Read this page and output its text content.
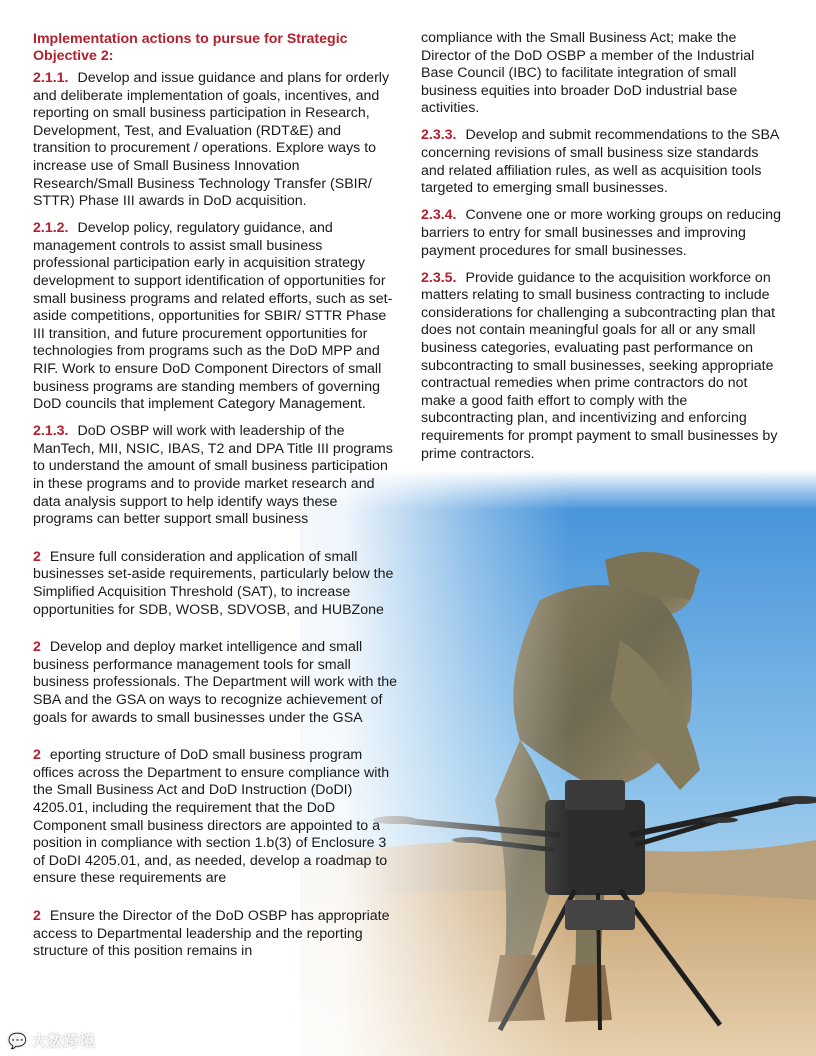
Implementation actions to pursue for Strategic Objective 2:

2.1.1. Develop and issue guidance and plans for orderly and deliberate implementation of goals, incentives, and reporting on small business participation in Research, Development, Test, and Evaluation (RDT&E) and transition to procurement / operations. Explore ways to increase use of Small Business Innovation Research/Small Business Technology Transfer (SBIR/ STTR) Phase III awards in DoD acquisition.

2.1.2. Develop policy, regulatory guidance, and management controls to assist small business professional participation early in acquisition strategy development to support identification of opportunities for small business programs and related efforts, such as set-aside competitions, opportunities for SBIR/ STTR Phase III transition, and future procurement opportunities for technologies from programs such as the DoD MPP and RIF. Work to ensure DoD Component Directors of small business programs are standing members of governing DoD councils that implement Category Management.

2.1.3. DoD OSBP will work with leadership of the ManTech, MII, NSIC, IBAS, T2 and DPA Title III programs to understand the amount of small business participation in these programs and to provide market research and data analysis support to help identify ways these programs can better support small business

2 Ensure full consideration and application of small businesses set-aside requirements, particularly below the Simplified Acquisition Threshold (SAT), to increase opportunities for SDB, WOSB, SDVOSB, and HUBZone

2 Develop and deploy market intelligence and small business performance management tools for small business professionals. The Department will work with the SBA and the GSA on ways to recognize achievement of goals for awards to small businesses under the GSA

2 eporting structure of DoD small business program offices across the Department to ensure compliance with the Small Business Act and DoD Instruction (DoDI) 4205.01, including the requirement that the DoD Component small business directors are appointed to a position in compliance with section 1.b(3) of Enclosure 3 of DoDI 4205.01, and, as needed, develop a roadmap to ensure these requirements are

2 Ensure the Director of the DoD OSBP has appropriate access to Departmental leadership and the reporting structure of this position remains in

compliance with the Small Business Act; make the Director of the DoD OSBP a member of the Industrial Base Council (IBC) to facilitate integration of small business equities into broader DoD industrial base activities.

2.3.3. Develop and submit recommendations to the SBA concerning revisions of small business size standards and related affiliation rules, as well as acquisition tools targeted to emerging small businesses.

2.3.4. Convene one or more working groups on reducing barriers to entry for small businesses and improving payment procedures for small businesses.

2.3.5. Provide guidance to the acquisition workforce on matters relating to small business contracting to include considerations for challenging a subcontracting plan that does not contain meaningful goals for all or any small business categories, evaluating past performance on subcontracting to small businesses, seeking appropriate contractual remedies when prime contractors do not make a good faith effort to comply with the subcontracting plan, and incentivizing and enforcing requirements for prompt payment to small businesses by prime contractors.

💬 大数跨境
